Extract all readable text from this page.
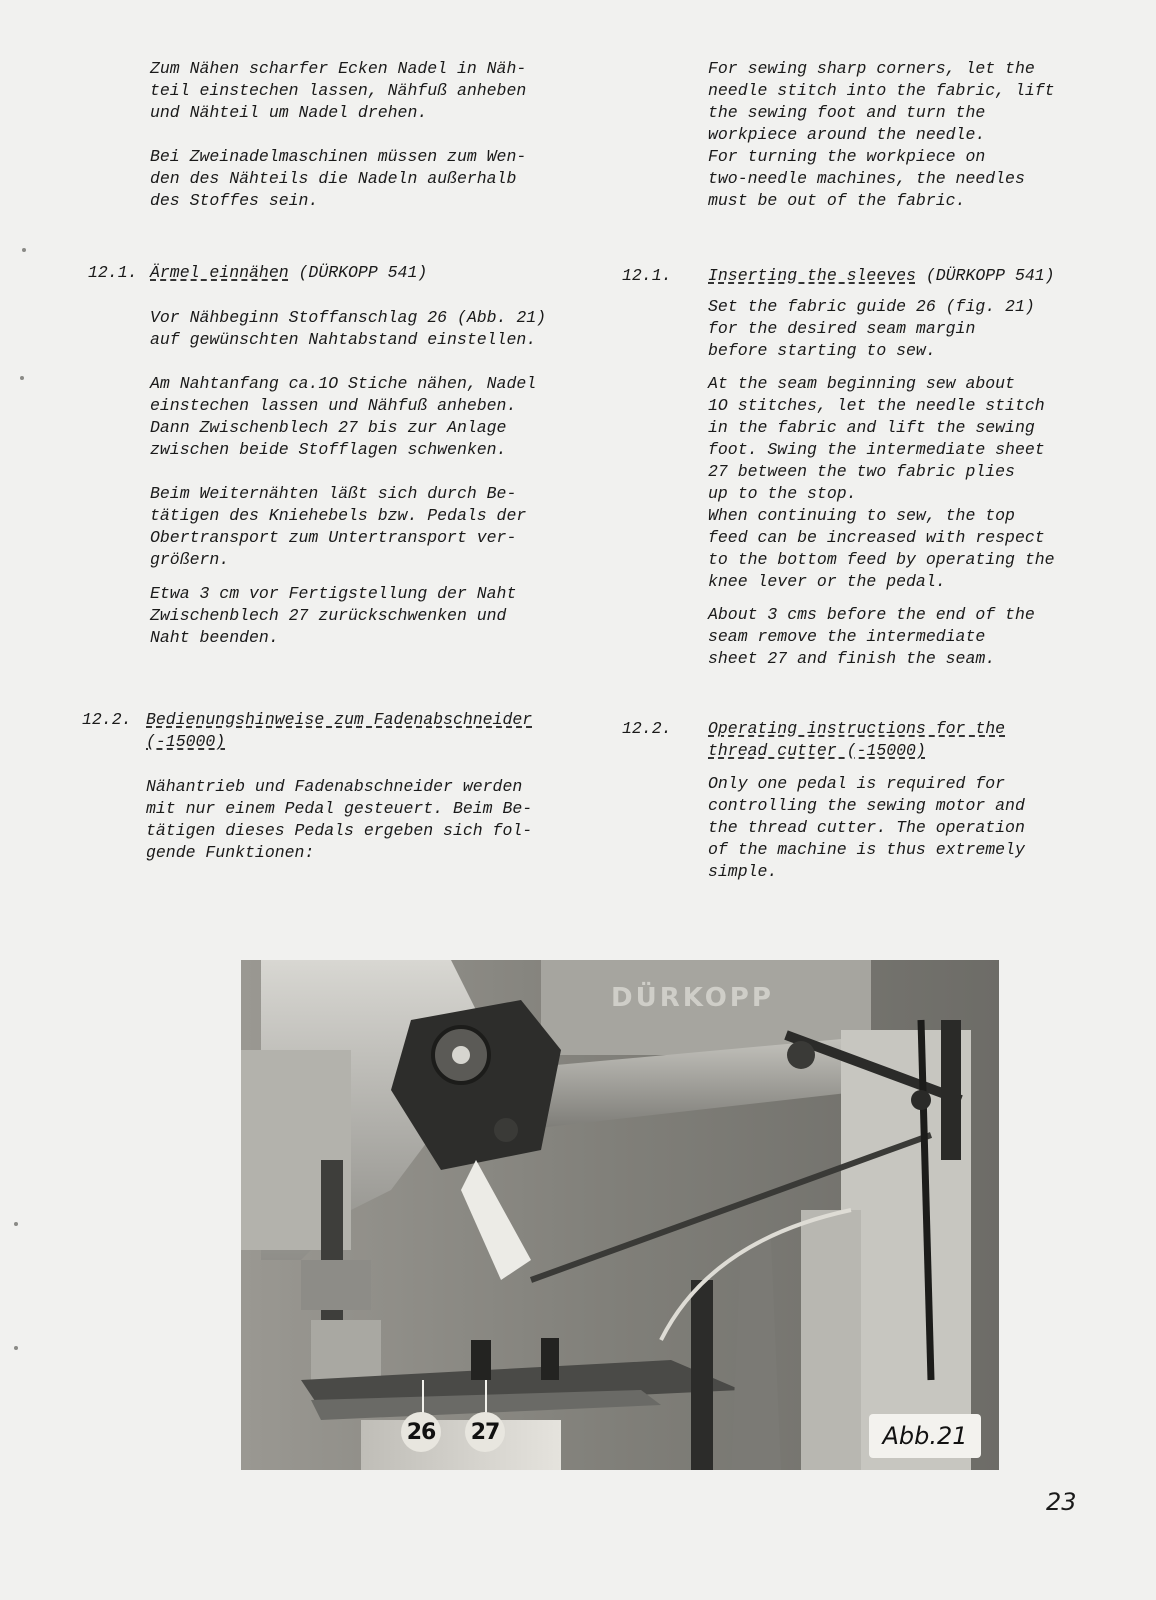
Zum Nähen scharfer Ecken Nadel in Näh-
teil einstechen lassen, Nähfuß anheben
und Nähteil um Nadel drehen.

Bei Zweinadelmaschinen müssen zum Wen-
den des Nähteils die Nadeln außerhalb
des Stoffes sein.

12.1. Ärmel einnähen (DÜRKOPP 541)

Vor Nähbeginn Stoffanschlag 26 (Abb. 21)
auf gewünschten Nahtabstand einstellen.

Am Nahtanfang ca.1O Stiche nähen, Nadel
einstechen lassen und Nähfuß anheben.
Dann Zwischenblech 27 bis zur Anlage
zwischen beide Stofflagen schwenken.

Beim Weiternähten läßt sich durch Be-
tätigen des Kniehebels bzw. Pedals der
Obertransport zum Untertransport ver-
größern.

Etwa 3 cm vor Fertigstellung der Naht
Zwischenblech 27 zurückschwenken und
Naht beenden.

12.2. Bedienungshinweise zum Fadenabschneider
(-15000)

Nähantrieb und Fadenabschneider werden
mit nur einem Pedal gesteuert. Beim Be-
tätigen dieses Pedals ergeben sich fol-
gende Funktionen:

For sewing sharp corners, let the
needle stitch into the fabric, lift
the sewing foot and turn the
workpiece around the needle.
For turning the workpiece on
two-needle machines, the needles
must be out of the fabric.

12.1. Inserting the sleeves (DÜRKOPP 541)

Set the fabric guide 26 (fig. 21)
for the desired seam margin
before starting to sew.

At the seam beginning sew about
1O stitches, let the needle stitch
in the fabric and lift the sewing
foot. Swing the intermediate sheet
27 between the two fabric plies
up to the stop.
When continuing to sew, the top
feed can be increased with respect
to the bottom feed by operating the
knee lever or the pedal.

About 3 cms before the end of the
seam remove the intermediate
sheet 27 and finish the seam.

12.2. Operating instructions for the
thread cutter (-15000)

Only one pedal is required for
controlling the sewing motor and
the thread cutter. The operation
of the machine is thus extremely
simple.

DÜRKOPP
26 27	Abb.21
23
